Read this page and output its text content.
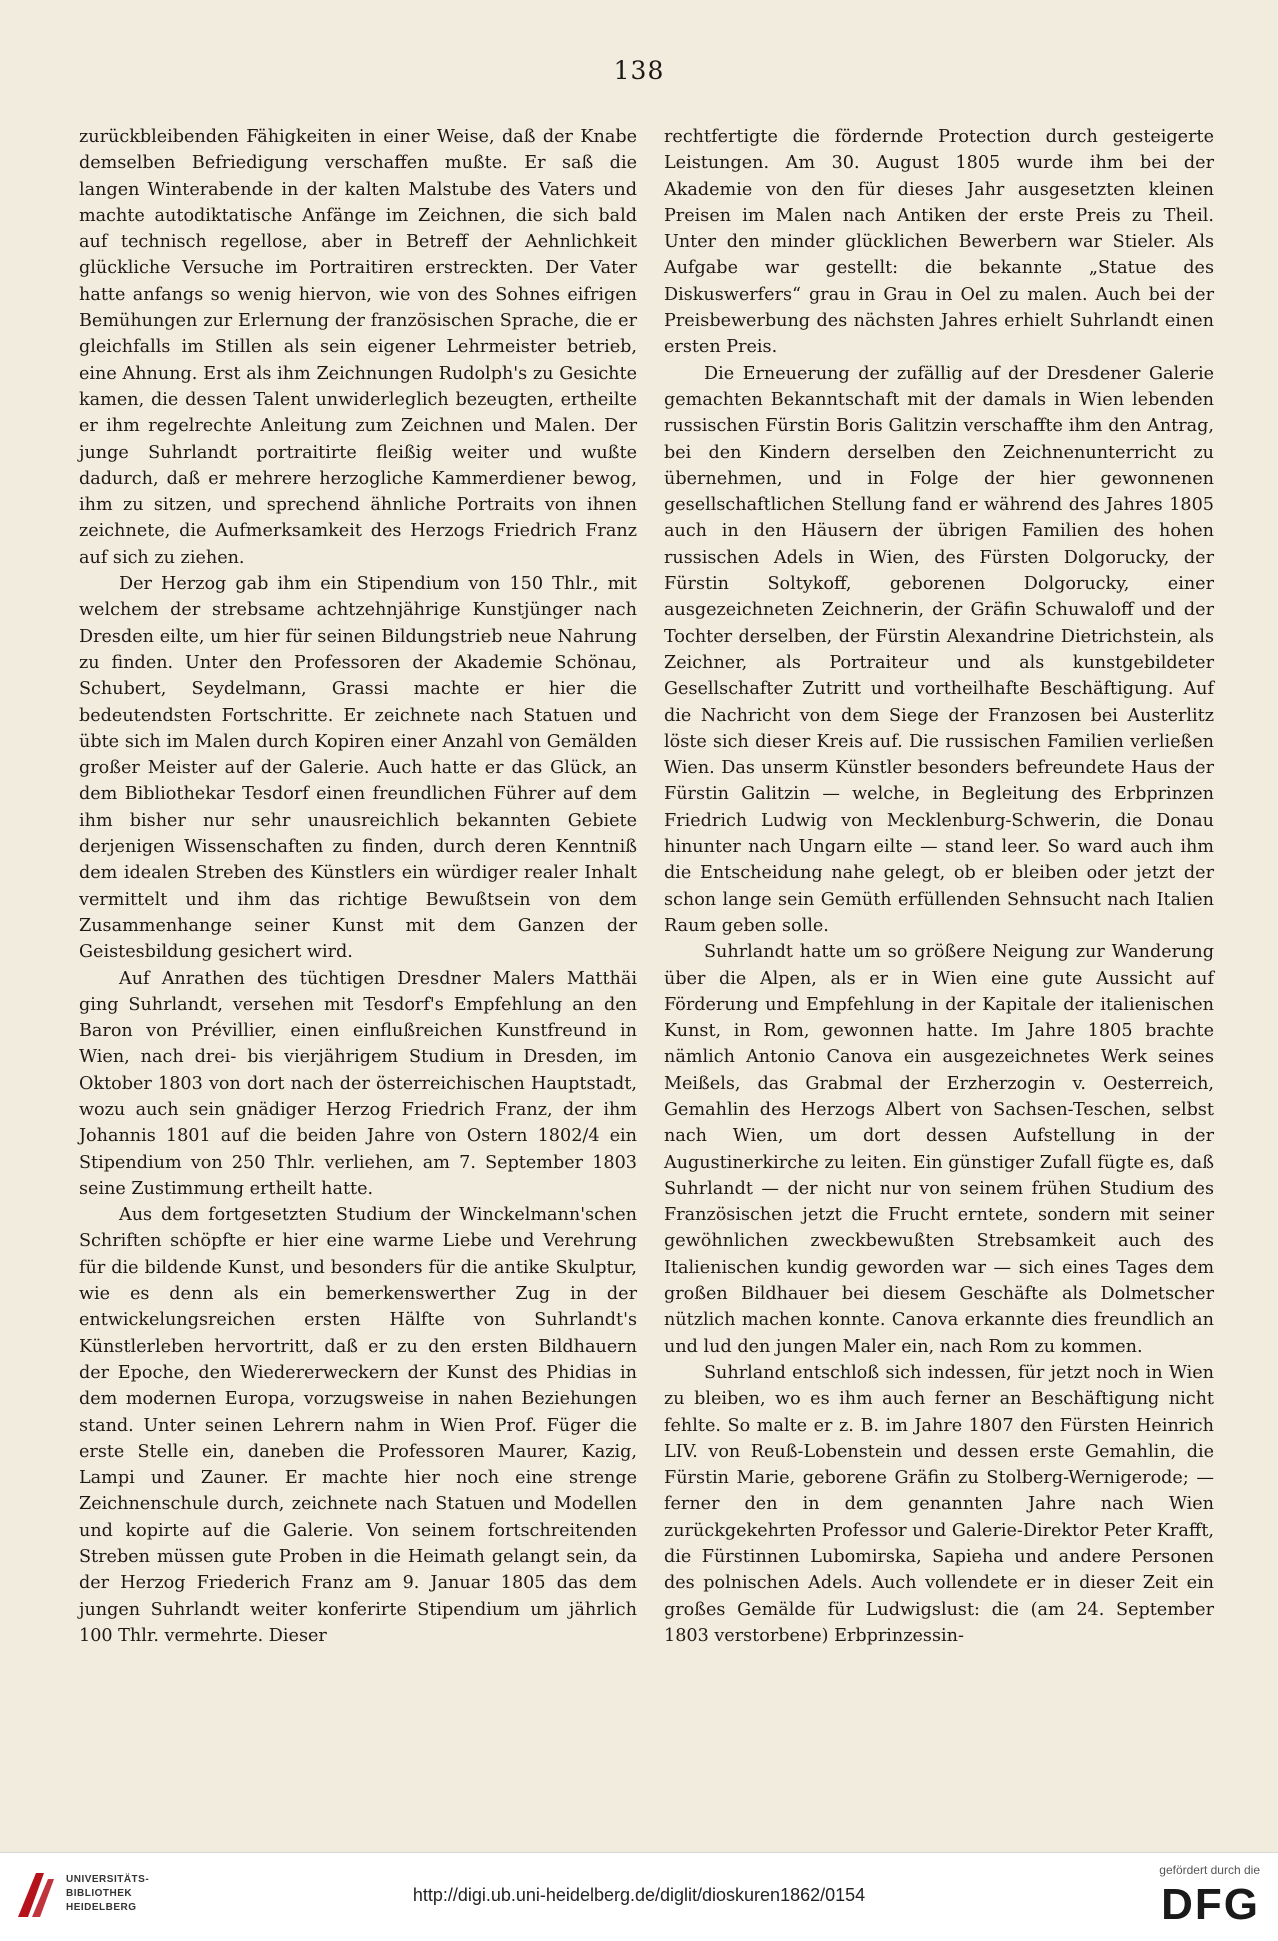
138

zurückbleibenden Fähigkeiten in einer Weise, daß der Knabe demselben Befriedigung verschaffen mußte. Er saß die langen Winterabende in der kalten Malstube des Vaters und machte autodiktatische Anfänge im Zeichnen, die sich bald auf technisch regellose, aber in Betreff der Aehnlichkeit glückliche Versuche im Portraitiren erstreckten. Der Vater hatte anfangs so wenig hiervon, wie von des Sohnes eifrigen Bemühungen zur Erlernung der französischen Sprache, die er gleichfalls im Stillen als sein eigener Lehrmeister betrieb, eine Ahnung. Erst als ihm Zeichnungen Rudolph's zu Gesichte kamen, die dessen Talent unwiderleglich bezeugten, ertheilte er ihm regelrechte Anleitung zum Zeichnen und Malen. Der junge Suhrlandt portraitirte fleißig weiter und wußte dadurch, daß er mehrere herzogliche Kammerdiener bewog, ihm zu sitzen, und sprechend ähnliche Portraits von ihnen zeichnete, die Aufmerksamkeit des Herzogs Friedrich Franz auf sich zu ziehen.

Der Herzog gab ihm ein Stipendium von 150 Thlr., mit welchem der strebsame achtzehnjährige Kunstjünger nach Dresden eilte, um hier für seinen Bildungstrieb neue Nahrung zu finden. Unter den Professoren der Akademie Schönau, Schubert, Seydelmann, Grassi machte er hier die bedeutendsten Fortschritte. Er zeichnete nach Statuen und übte sich im Malen durch Kopiren einer Anzahl von Gemälden großer Meister auf der Galerie. Auch hatte er das Glück, an dem Bibliothekar Tesdorf einen freundlichen Führer auf dem ihm bisher nur sehr unausreichlich bekannten Gebiete derjenigen Wissenschaften zu finden, durch deren Kenntniß dem idealen Streben des Künstlers ein würdiger realer Inhalt vermittelt und ihm das richtige Bewußtsein von dem Zusammenhange seiner Kunst mit dem Ganzen der Geistesbildung gesichert wird.

Auf Anrathen des tüchtigen Dresdner Malers Matthäi ging Suhrlandt, versehen mit Tesdorf's Empfehlung an den Baron von Prévillier, einen einflußreichen Kunstfreund in Wien, nach drei- bis vierjährigem Studium in Dresden, im Oktober 1803 von dort nach der österreichischen Hauptstadt, wozu auch sein gnädiger Herzog Friedrich Franz, der ihm Johannis 1801 auf die beiden Jahre von Ostern 1802/4 ein Stipendium von 250 Thlr. verliehen, am 7. September 1803 seine Zustimmung ertheilt hatte.

Aus dem fortgesetzten Studium der Winckelmann'schen Schriften schöpfte er hier eine warme Liebe und Verehrung für die bildende Kunst, und besonders für die antike Skulptur, wie es denn als ein bemerkenswerther Zug in der entwickelungsreichen ersten Hälfte von Suhrlandt's Künstlerleben hervortritt, daß er zu den ersten Bildhauern der Epoche, den Wiedererweckern der Kunst des Phidias in dem modernen Europa, vorzugsweise in nahen Beziehungen stand. Unter seinen Lehrern nahm in Wien Prof. Füger die erste Stelle ein, daneben die Professoren Maurer, Kazig, Lampi und Zauner. Er machte hier noch eine strenge Zeichnenschule durch, zeichnete nach Statuen und Modellen und kopirte auf die Galerie. Von seinem fortschreitenden Streben müssen gute Proben in die Heimath gelangt sein, da der Herzog Friederich Franz am 9. Januar 1805 das dem jungen Suhrlandt weiter konferirte Stipendium um jährlich 100 Thlr. vermehrte. Dieser

rechtfertigte die fördernde Protection durch gesteigerte Leistungen. Am 30. August 1805 wurde ihm bei der Akademie von den für dieses Jahr ausgesetzten kleinen Preisen im Malen nach Antiken der erste Preis zu Theil. Unter den minder glücklichen Bewerbern war Stieler. Als Aufgabe war gestellt: die bekannte „Statue des Diskuswerfers“ grau in Grau in Oel zu malen. Auch bei der Preisbewerbung des nächsten Jahres erhielt Suhrlandt einen ersten Preis.

Die Erneuerung der zufällig auf der Dresdener Galerie gemachten Bekanntschaft mit der damals in Wien lebenden russischen Fürstin Boris Galitzin verschaffte ihm den Antrag, bei den Kindern derselben den Zeichnenunterricht zu übernehmen, und in Folge der hier gewonnenen gesellschaftlichen Stellung fand er während des Jahres 1805 auch in den Häusern der übrigen Familien des hohen russischen Adels in Wien, des Fürsten Dolgorucky, der Fürstin Soltykoff, geborenen Dolgorucky, einer ausgezeichneten Zeichnerin, der Gräfin Schuwaloff und der Tochter derselben, der Fürstin Alexandrine Dietrichstein, als Zeichner, als Portraiteur und als kunstgebildeter Gesellschafter Zutritt und vortheilhafte Beschäftigung. Auf die Nachricht von dem Siege der Franzosen bei Austerlitz löste sich dieser Kreis auf. Die russischen Familien verließen Wien. Das unserm Künstler besonders befreundete Haus der Fürstin Galitzin — welche, in Begleitung des Erbprinzen Friedrich Ludwig von Mecklenburg-Schwerin, die Donau hinunter nach Ungarn eilte — stand leer. So ward auch ihm die Entscheidung nahe gelegt, ob er bleiben oder jetzt der schon lange sein Gemüth erfüllenden Sehnsucht nach Italien Raum geben solle.

Suhrlandt hatte um so größere Neigung zur Wanderung über die Alpen, als er in Wien eine gute Aussicht auf Förderung und Empfehlung in der Kapitale der italienischen Kunst, in Rom, gewonnen hatte. Im Jahre 1805 brachte nämlich Antonio Canova ein ausgezeichnetes Werk seines Meißels, das Grabmal der Erzherzogin v. Oesterreich, Gemahlin des Herzogs Albert von Sachsen-Teschen, selbst nach Wien, um dort dessen Aufstellung in der Augustinerkirche zu leiten. Ein günstiger Zufall fügte es, daß Suhrlandt — der nicht nur von seinem frühen Studium des Französischen jetzt die Frucht erntete, sondern mit seiner gewöhnlichen zweckbewußten Strebsamkeit auch des Italienischen kundig geworden war — sich eines Tages dem großen Bildhauer bei diesem Geschäfte als Dolmetscher nützlich machen konnte. Canova erkannte dies freundlich an und lud den jungen Maler ein, nach Rom zu kommen.

Suhrland entschloß sich indessen, für jetzt noch in Wien zu bleiben, wo es ihm auch ferner an Beschäftigung nicht fehlte. So malte er z. B. im Jahre 1807 den Fürsten Heinrich LIV. von Reuß-Lobenstein und dessen erste Gemahlin, die Fürstin Marie, geborene Gräfin zu Stolberg-Wernigerode; — ferner den in dem genannten Jahre nach Wien zurückgekehrten Professor und Galerie-Direktor Peter Krafft, die Fürstinnen Lubomirska, Sapieha und andere Personen des polnischen Adels. Auch vollendete er in dieser Zeit ein großes Gemälde für Ludwigslust: die (am 24. September 1803 verstorbene) Erbprinzessin-

UNIVERSITÄTS-
BIBLIOTHEK
HEIDELBERG
http://digi.ub.uni-heidelberg.de/diglit/dioskuren1862/0154
gefördert durch die
DFG
